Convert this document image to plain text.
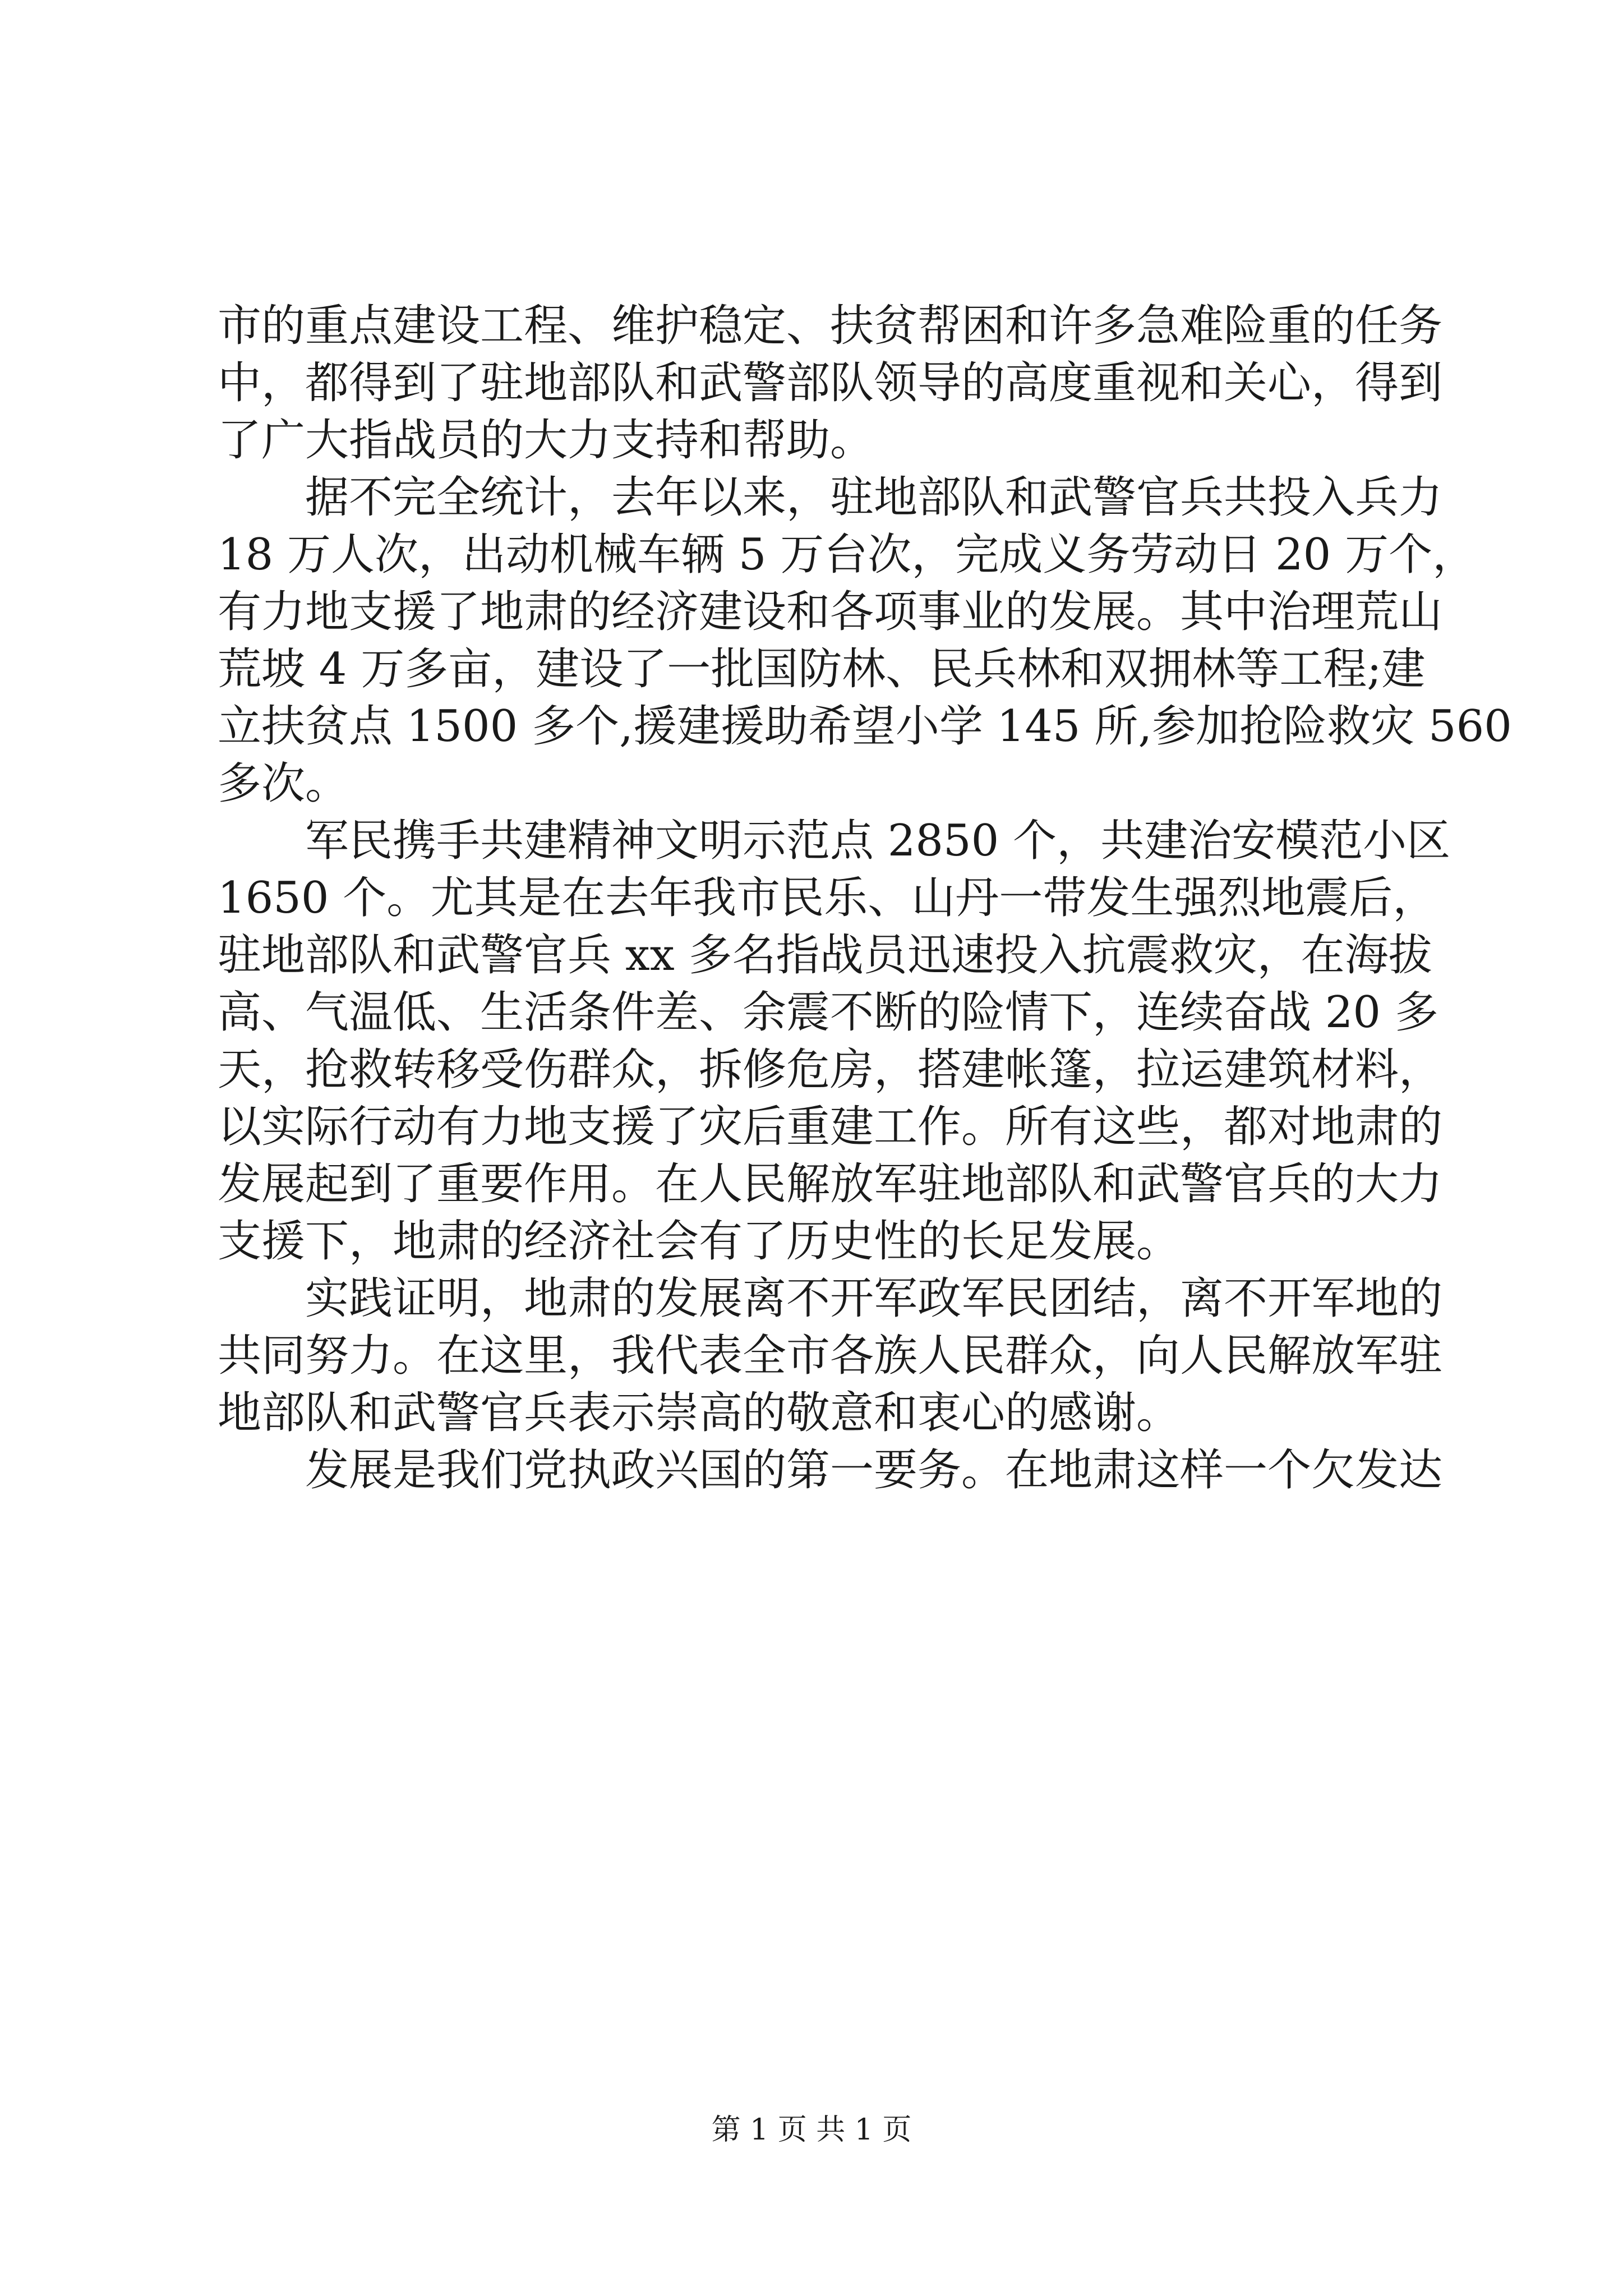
市的重点建设工程、维护稳定、扶贫帮困和许多急难险重的任务
中，都得到了驻地部队和武警部队领导的高度重视和关心，得到
了广大指战员的大力支持和帮助。
据不完全统计，去年以来，驻地部队和武警官兵共投入兵力
18 万人次，出动机械车辆 5 万台次，完成义务劳动日 20 万个，
有力地支援了地肃的经济建设和各项事业的发展。其中治理荒山
荒坡 4 万多亩，建设了一批国防林、民兵林和双拥林等工程;建
立扶贫点 1500 多个,援建援助希望小学 145 所,参加抢险救灾 560
多次。
军民携手共建精神文明示范点 2850 个，共建治安模范小区
1650 个。尤其是在去年我市民乐、山丹一带发生强烈地震后，
驻地部队和武警官兵 xx 多名指战员迅速投入抗震救灾，在海拔
高、气温低、生活条件差、余震不断的险情下，连续奋战 20 多
天，抢救转移受伤群众，拆修危房，搭建帐篷，拉运建筑材料，
以实际行动有力地支援了灾后重建工作。所有这些，都对地肃的
发展起到了重要作用。在人民解放军驻地部队和武警官兵的大力
支援下，地肃的经济社会有了历史性的长足发展。
实践证明，地肃的发展离不开军政军民团结，离不开军地的
共同努力。在这里，我代表全市各族人民群众，向人民解放军驻
地部队和武警官兵表示崇高的敬意和衷心的感谢。
发展是我们党执政兴国的第一要务。在地肃这样一个欠发达
第 1 页 共 1 页
